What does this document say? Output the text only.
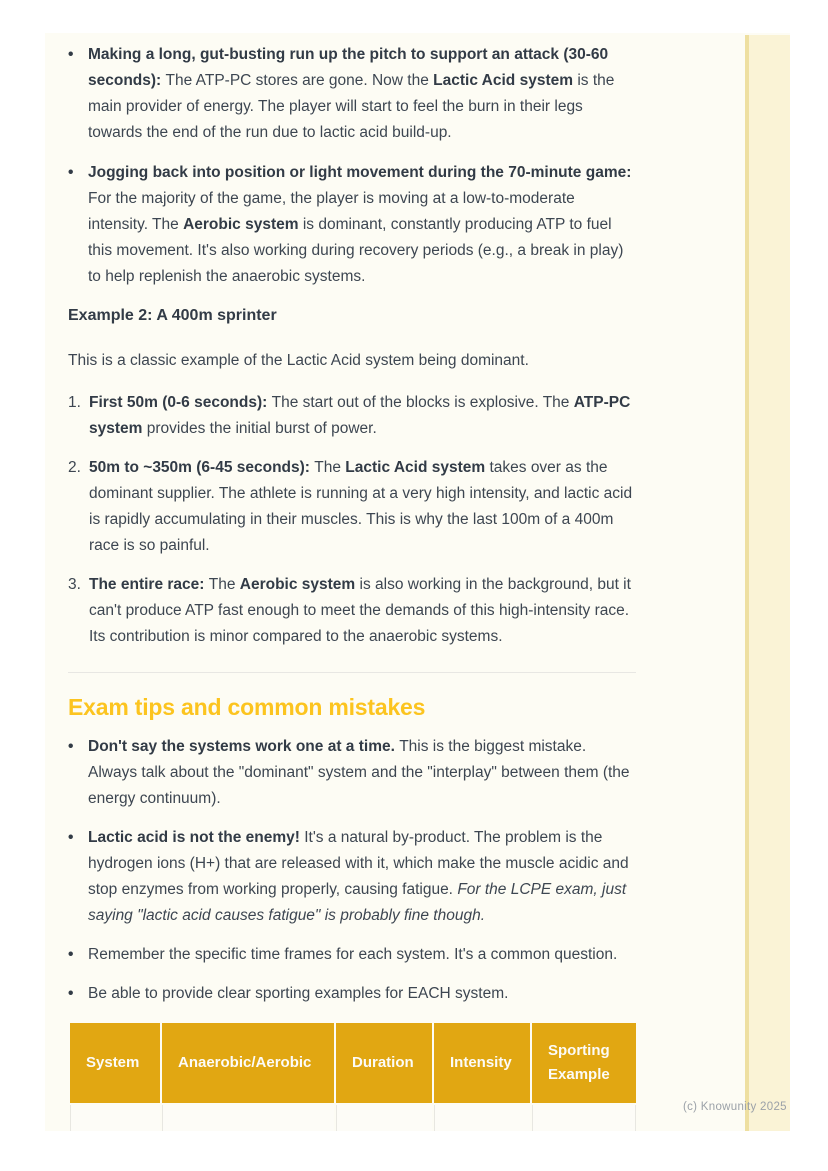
• Making a long, gut-busting run up the pitch to support an attack (30-60 seconds): The ATP-PC stores are gone. Now the Lactic Acid system is the main provider of energy. The player will start to feel the burn in their legs towards the end of the run due to lactic acid build-up.
• Jogging back into position or light movement during the 70-minute game: For the majority of the game, the player is moving at a low-to-moderate intensity. The Aerobic system is dominant, constantly producing ATP to fuel this movement. It's also working during recovery periods (e.g., a break in play) to help replenish the anaerobic systems.
Example 2: A 400m sprinter

This is a classic example of the Lactic Acid system being dominant.

1. First 50m (0-6 seconds): The start out of the blocks is explosive. The ATP-PC system provides the initial burst of power.
2. 50m to ~350m (6-45 seconds): The Lactic Acid system takes over as the dominant supplier. The athlete is running at a very high intensity, and lactic acid is rapidly accumulating in their muscles. This is why the last 100m of a 400m race is so painful.
3. The entire race: The Aerobic system is also working in the background, but it can't produce ATP fast enough to meet the demands of this high-intensity race. Its contribution is minor compared to the anaerobic systems.
Exam tips and common mistakes
• Don't say the systems work one at a time. This is the biggest mistake. Always talk about the "dominant" system and the "interplay" between them (the energy continuum).
• Lactic acid is not the enemy! It's a natural by-product. The problem is the hydrogen ions (H+) that are released with it, which make the muscle acidic and stop enzymes from working properly, causing fatigue. For the LCPE exam, just saying "lactic acid causes fatigue" is probably fine though.
• Remember the specific time frames for each system. It's a common question.
• Be able to provide clear sporting examples for EACH system.
System	Anaerobic/Aerobic	Duration	Intensity	Sporting Example

(c) Knowunity 2025
